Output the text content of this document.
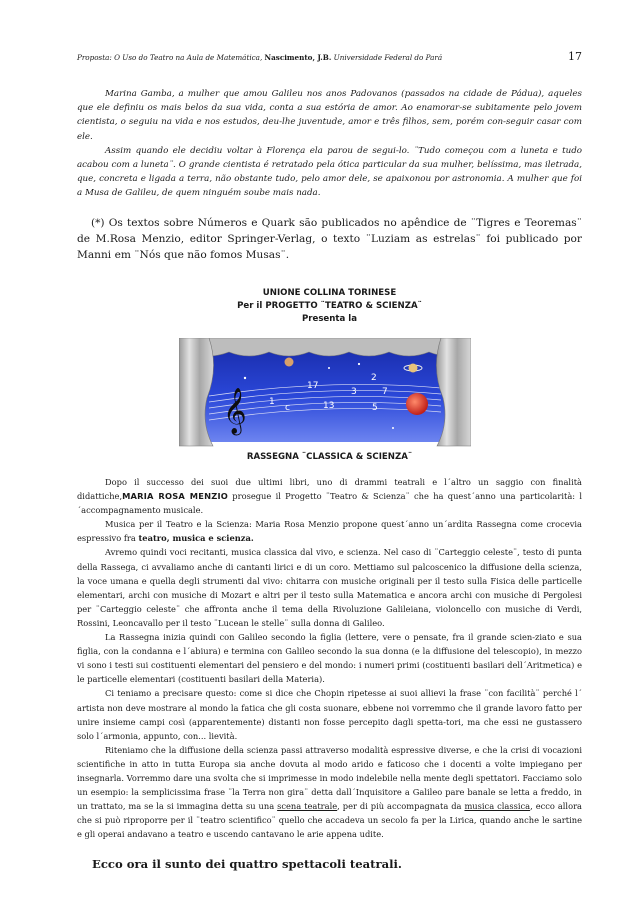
Proposta: O Uso do Teatro na Aula de Matemática, Nascimento, J.B. Universidade Federal do Pará	17

Marina Gamba, a mulher que amou Galileu nos anos Padovanos (passados na cidade de Pádua), aqueles que ele definiu os mais belos da sua vida, conta a sua estória de amor. Ao enamorar-se subitamente pelo jovem cientista, o seguiu na vida e nos estudos, deu-lhe juventude, amor e três filhos, sem, porém con-seguir casar com ele.

Assim quando ele decidiu voltar à Florença ela parou de segui-lo. ¨Tudo começou com a luneta e tudo acabou com a luneta¨. O grande cientista é retratado pela ótica particular da sua mulher, belíssima, mas iletrada, que, concreta e ligada a terra, não obstante tudo, pelo amor dele, se apaixonou por astronomia. A mulher que foi a Musa de Galileu, de quem ninguém soube mais nada.

(*) Os textos sobre Números e Quark são publicados no apêndice de ¨Tigres e Teoremas¨ de M.Rosa Menzio, editor Springer-Verlag, o texto ¨Luziam as estrelas¨ foi publicado por Manni em ¨Nós que não fomos Musas¨.

UNIONE COLLINA TORINESE
Per il PROGETTO ¨TEATRO & SCIENZA¨
Presenta la
𝄞 1
c
17
13
3	7
2
5
RASSEGNA ¨CLASSICA & SCIENZA¨

Dopo il successo dei suoi due ultimi libri, uno di drammi teatrali e l´altro un saggio con finalità didattiche,MARIA ROSA MENZIO prosegue il Progetto ¨Teatro & Scienza¨ che ha quest´anno una particolarità: l´accompagnamento musicale.

Musica per il Teatro e la Scienza: Maria Rosa Menzio propone quest´anno un´ardita Rassegna come crocevia espressivo fra teatro, musica e scienza.

Avremo quindi voci recitanti, musica classica dal vivo, e scienza. Nel caso di ¨Carteggio celeste¨, testo di punta della Rassega, ci avvaliamo anche di cantanti lirici e di un coro. Mettiamo sul palcoscenico la diffusione della scienza, la voce umana e quella degli strumenti dal vivo: chitarra con musiche originali per il testo sulla Fisica delle particelle elementari, archi con musiche di Mozart e altri per il testo sulla Matematica e ancora archi con musiche di Pergolesi per ¨Carteggio celeste¨ che affronta anche il tema della Rivoluzione Galileiana, violoncello con musiche di Verdi, Rossini, Leoncavallo per il testo ¨Lucean le stelle¨ sulla donna di Galileo.

La Rassegna inizia quindi con Galileo secondo la figlia (lettere, vere o pensate, fra il grande scien-ziato e sua figlia, con la condanna e l´abiura) e termina con Galileo secondo la sua donna (e la diffusione del telescopio), in mezzo vi sono i testi sui costituenti elementari del pensiero e del mondo: i numeri primi (costituenti basilari dell´Aritmetica) e le particelle elementari (costituenti basilari della Materia).

Ci teniamo a precisare questo: come si dice che Chopin ripetesse ai suoi allievi la frase ¨con facilità¨ perché l´ artista non deve mostrare al mondo la fatica che gli costa suonare, ebbene noi vorremmo che il grande lavoro fatto per unire insieme campi così (apparentemente) distanti non fosse percepito dagli spetta-tori, ma che essi ne gustassero solo l´armonia, appunto, con... lievità.

Riteniamo che la diffusione della scienza passi attraverso modalità espressive diverse, e che la crisi di vocazioni scientifiche in atto in tutta Europa sia anche dovuta al modo arido e faticoso che i docenti a volte impiegano per insegnarla. Vorremmo dare una svolta che si imprimesse in modo indelebile nella mente degli spettatori. Facciamo solo un esempio: la semplicissima frase ¨la Terra non gira¨ detta dall´Inquisitore a Galileo pare banale se letta a freddo, in un trattato, ma se la si immagina detta su una scena teatrale, per di più accompagnata da musica classica, ecco allora che si può riproporre per il ¨teatro scientifico¨ quello che accadeva un secolo fa per la Lirica, quando anche le sartine e gli operai andavano a teatro e uscendo cantavano le arie appena udite.

Ecco ora il sunto dei quattro spettacoli teatrali.
